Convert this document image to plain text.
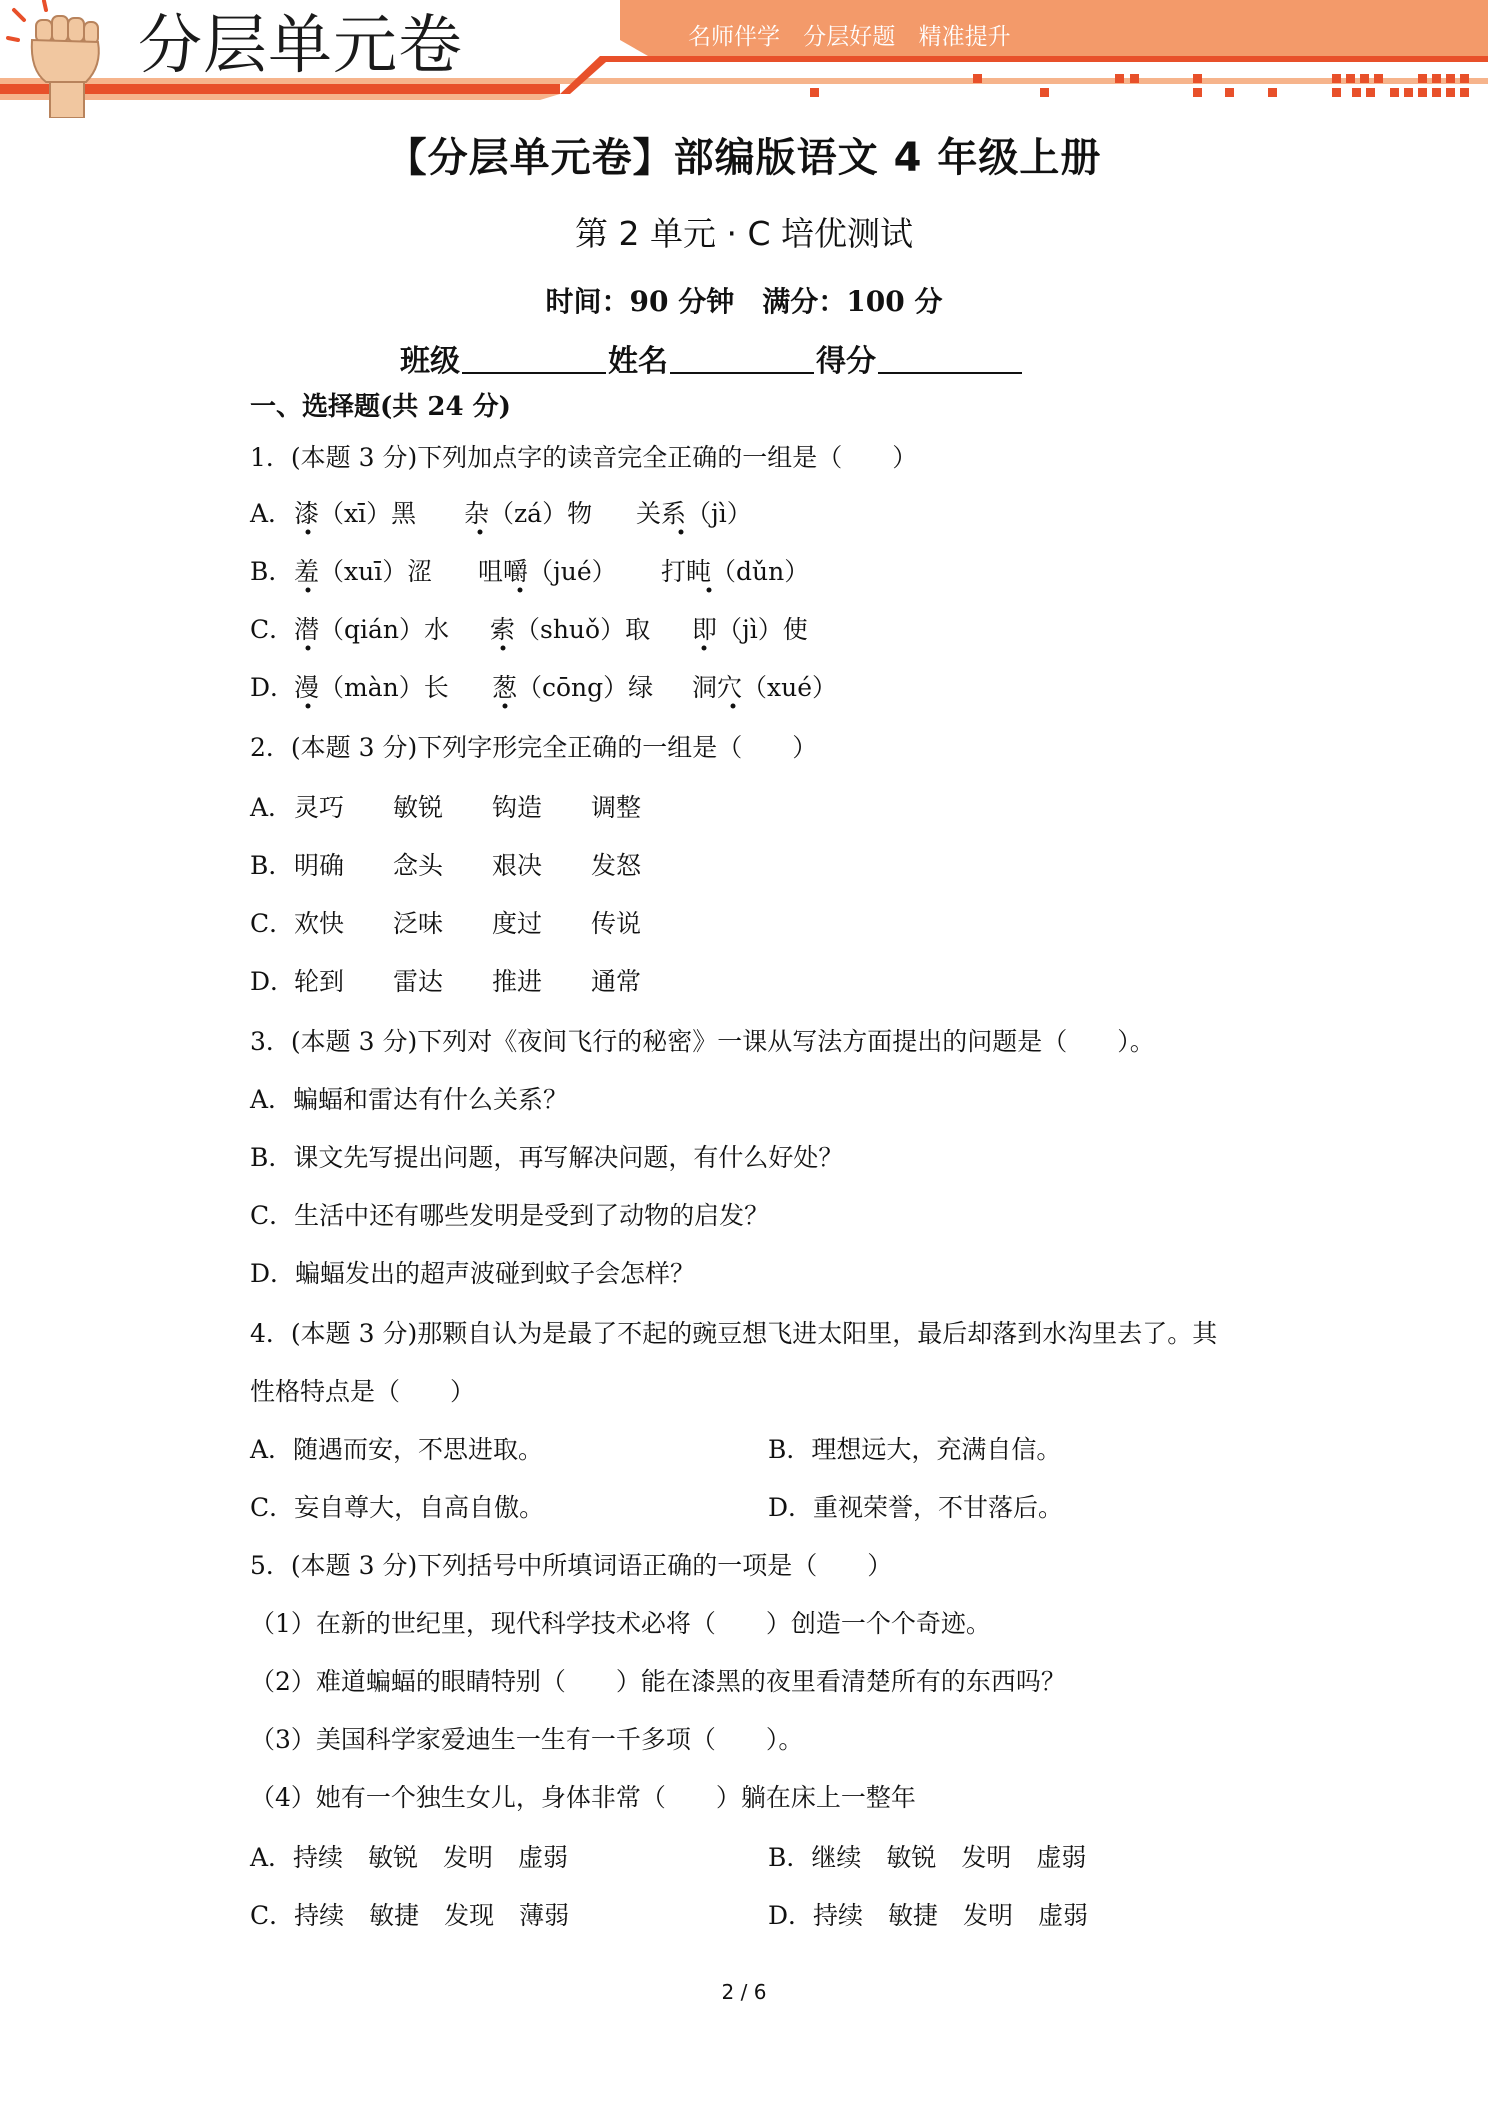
分层单元卷	名师伴学 分层好题 精准提升
【分层单元卷】部编版语文 4 年级上册
第 2 单元 · C 培优测试
时间：90 分钟　满分：100 分
班级	姓名	得分
一、选择题(共 24 分)
1．(本题 3 分)下列加点字的读音完全正确的一组是（　　）
A．漆（xī）黑 杂（zá）物 关系（jì）
B．羞（xuī）涩 咀嚼（jué） 打盹（dǔn）
C．潜（qián）水 索（shuǒ）取 即（jì）使
D．漫（màn）长 葱（cōng）绿 洞穴（xué）
2．(本题 3 分)下列字形完全正确的一组是（　　）
A．灵巧 敏锐 钩造 调整
B．明确 念头 艰决 发怒
C．欢快 泛味 度过 传说
D．轮到 雷达 推进 通常
3．(本题 3 分)下列对《夜间飞行的秘密》一课从写法方面提出的问题是（　　）。
A．蝙蝠和雷达有什么关系？
B．课文先写提出问题，再写解决问题，有什么好处？
C．生活中还有哪些发明是受到了动物的启发？
D．蝙蝠发出的超声波碰到蚊子会怎样？
4．(本题 3 分)那颗自认为是最了不起的豌豆想飞进太阳里，最后却落到水沟里去了。其
性格特点是（　　）
A．随遇而安，不思进取。	B．理想远大，充满自信。
C．妄自尊大，自高自傲。	D．重视荣誉，不甘落后。
5．(本题 3 分)下列括号中所填词语正确的一项是（　　）
（1）在新的世纪里，现代科学技术必将（　　）创造一个个奇迹。
（2）难道蝙蝠的眼睛特别（　　）能在漆黑的夜里看清楚所有的东西吗？
（3）美国科学家爱迪生一生有一千多项（　　）。
（4）她有一个独生女儿，身体非常（　　）躺在床上一整年
A．持续　敏锐　发明　虚弱	B．继续　敏锐　发明　虚弱
C．持续　敏捷　发现　薄弱	D．持续　敏捷　发明　虚弱
2 / 6
